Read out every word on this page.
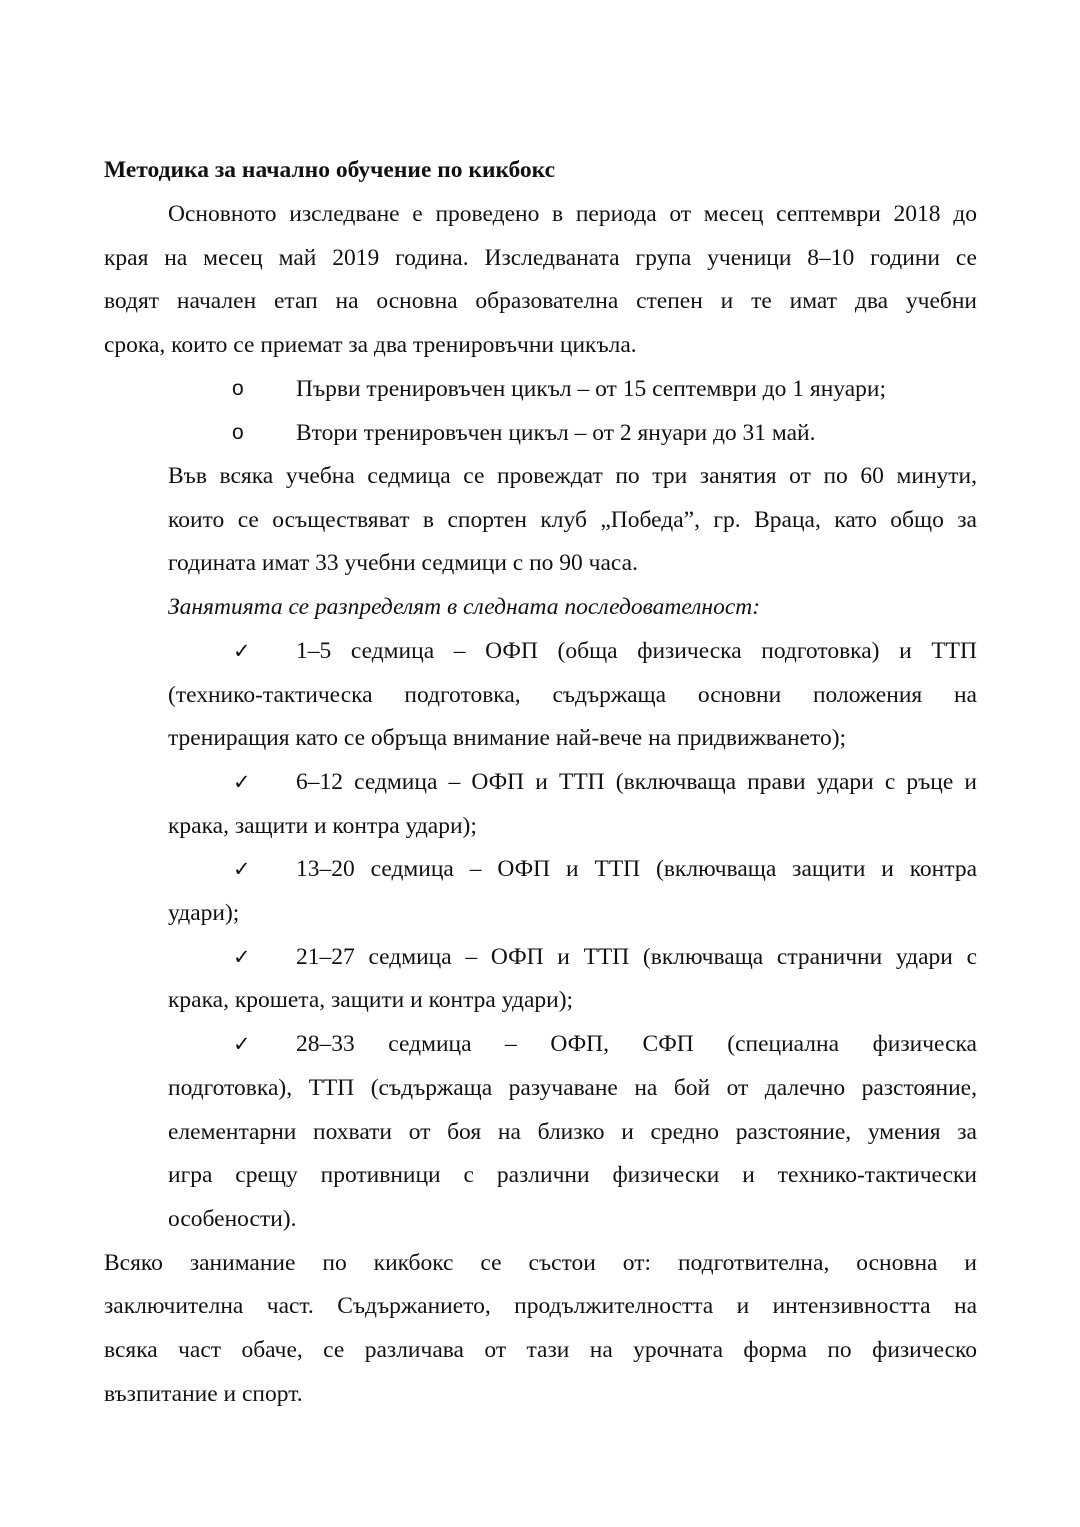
Методика за начално обучение по кикбокс
Основното изследване е проведено в периода от месец септември 2018 до
края на месец май 2019 година. Изследваната група ученици 8–10 години се
водят начален етап на основна образователна степен и те имат два учебни
срока, които се приемат за два тренировъчни цикъла.
o Първи тренировъчен цикъл – от 15 септември до 1 януари;
o Втори тренировъчен цикъл – от 2 януари до 31 май.
Във всяка учебна седмица се провеждат по три занятия от по 60 минути,
които се осъществяват в спортен клуб „Победа”, гр. Враца, като общо за
годината имат 33 учебни седмици с по 90 часа.
Занятията се разпределят в следната последователност:
✓ 1–5 седмица – ОФП (обща физическа подготовка) и ТТП
(технико-тактическа подготовка, съдържаща основни положения на
трениращия като се обръща внимание най-вече на придвижването);
✓ 6–12 седмица – ОФП и ТТП (включваща прави удари с ръце и
крака, защити и контра удари);
✓ 13–20 седмица – ОФП и ТТП (включваща защити и контра
удари);
✓ 21–27 седмица – ОФП и ТТП (включваща странични удари с
крака, крошета, защити и контра удари);
✓ 28–33 седмица – ОФП, СФП (специална физическа
подготовка), ТТП (съдържаща разучаване на бой от далечно разстояние,
елементарни похвати от боя на близко и средно разстояние, умения за
игра срещу противници с различни физически и технико-тактически
особености).
Всяко занимание по кикбокс се състои от: подготвителна, основна и
заключителна част. Съдържанието, продължителността и интензивността на
всяка част обаче, се различава от тази на урочната форма по физическо
възпитание и спорт.
